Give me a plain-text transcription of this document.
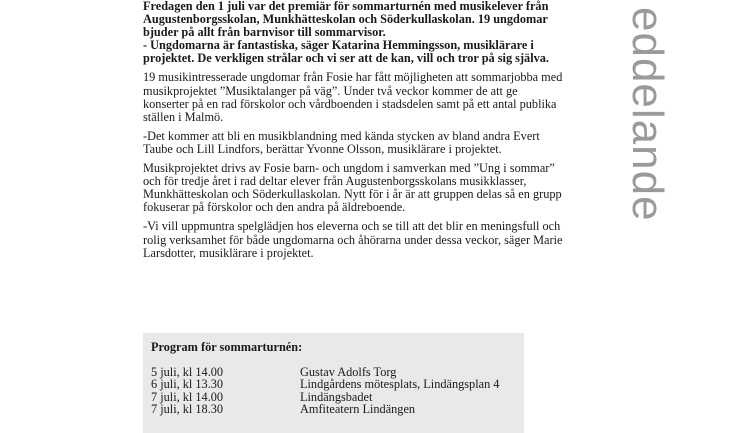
Fredagen den 1 juli var det premiär för sommarturnén med musikelever från Augustenborgsskolan, Munkhätteskolan och Söderkullaskolan. 19 ungdomar bjuder på allt från barnvisor till sommarvisor.

- Ungdomarna är fantastiska, säger Katarina Hemmingsson, musiklärare i projektet. De verkligen strålar och vi ser att de kan, vill och tror på sig själva.

19 musikintresserade ungdomar från Fosie har fått möjligheten att sommarjobba med musikprojektet ”Musiktalanger på väg”. Under två veckor kommer de att ge konserter på en rad förskolor och vårdboenden i stadsdelen samt på ett antal publika ställen i Malmö.

-Det kommer att bli en musikblandning med kända stycken av bland andra Evert Taube och Lill Lindfors, berättar Yvonne Olsson, musiklärare i projektet.

Musikprojektet drivs av Fosie barn- och ungdom i samverkan med ”Ung i sommar” och för tredje året i rad deltar elever från Augustenborgsskolans musikklasser, Munkhätteskolan och Söderkullaskolan. Nytt för i år är att gruppen delas så en grupp fokuserar på förskolor och den andra på äldreboende.

-Vi vill uppmuntra spelglädjen hos eleverna och se till att det blir en meningsfull och rolig verksamhet för både ungdomarna och åhörarna under dessa veckor, säger Marie Larsdotter, musiklärare i projektet.

eddelande
Program för sommarturnén:
5 juli, kl 14.00	Gustav Adolfs Torg
6 juli, kl 13.30	Lindgårdens mötesplats, Lindängsplan 4
7 juli, kl 14.00	Lindängsbadet
7 juli, kl 18.30	Amfiteatern Lindängen
